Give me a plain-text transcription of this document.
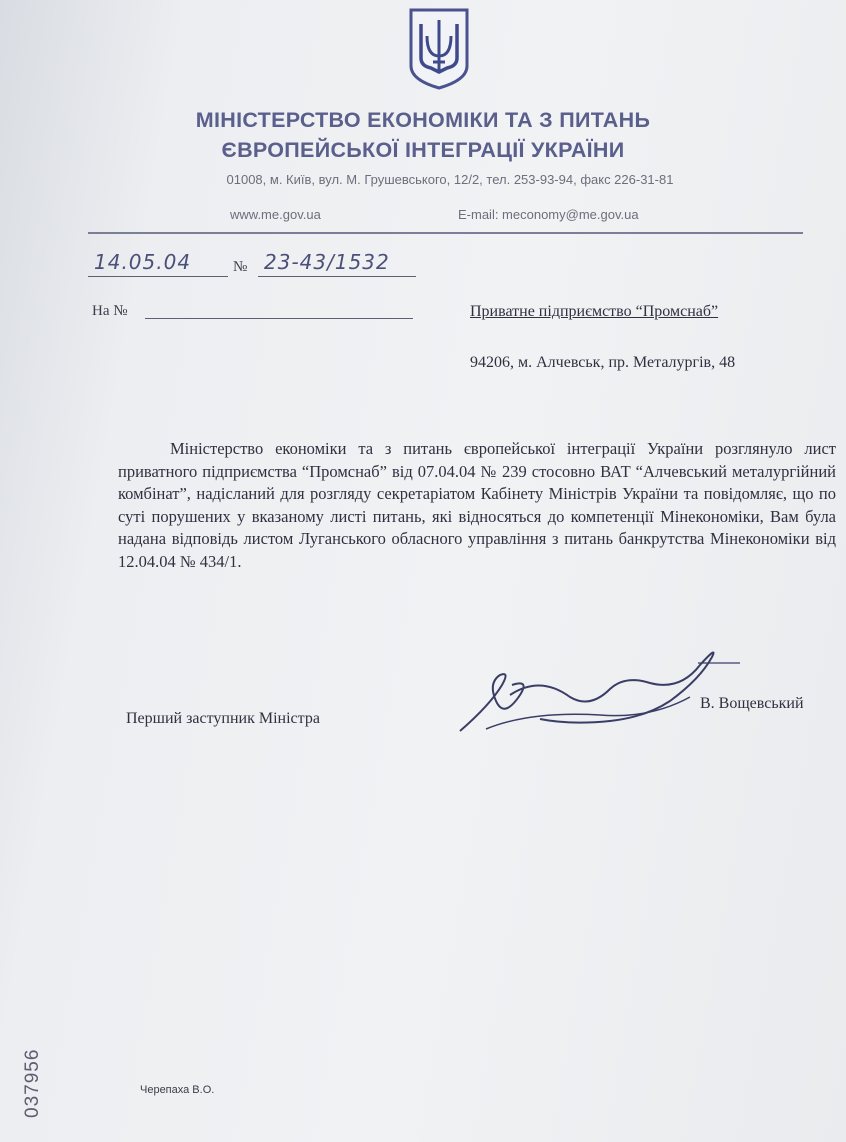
МІНІСТЕРСТВО ЕКОНОМІКИ ТА З ПИТАНЬ
ЄВРОПЕЙСЬКОЇ ІНТЕГРАЦІЇ УКРАЇНИ
01008, м. Київ, вул. М. Грушевського, 12/2, тел. 253-93-94, факс 226-31-81
www.me.gov.ua	E-mail: meconomy@me.gov.ua
14.05.04	№ 23-43/1532
На №	Приватне підприємство “Промснаб”
94206, м. Алчевськ, пр. Металургів, 48

Міністерство економіки та з питань європейської інтеграції України розглянуло лист приватного підприємства “Промснаб” від 07.04.04 № 239 стосовно ВАТ “Алчевський металургійний комбінат”, надісланий для розгляду секретаріатом Кабінету Міністрів України та повідомляє, що по суті порушених у вказаному листі питань, які відносяться до компетенції Мінекономіки, Вам була надана відповідь листом Луганського обласного управління з питань банкрутства Мінекономіки від 12.04.04 № 434/1.

Перший заступник Міністра
В. Вощевський
037956	Черепаха В.О.
